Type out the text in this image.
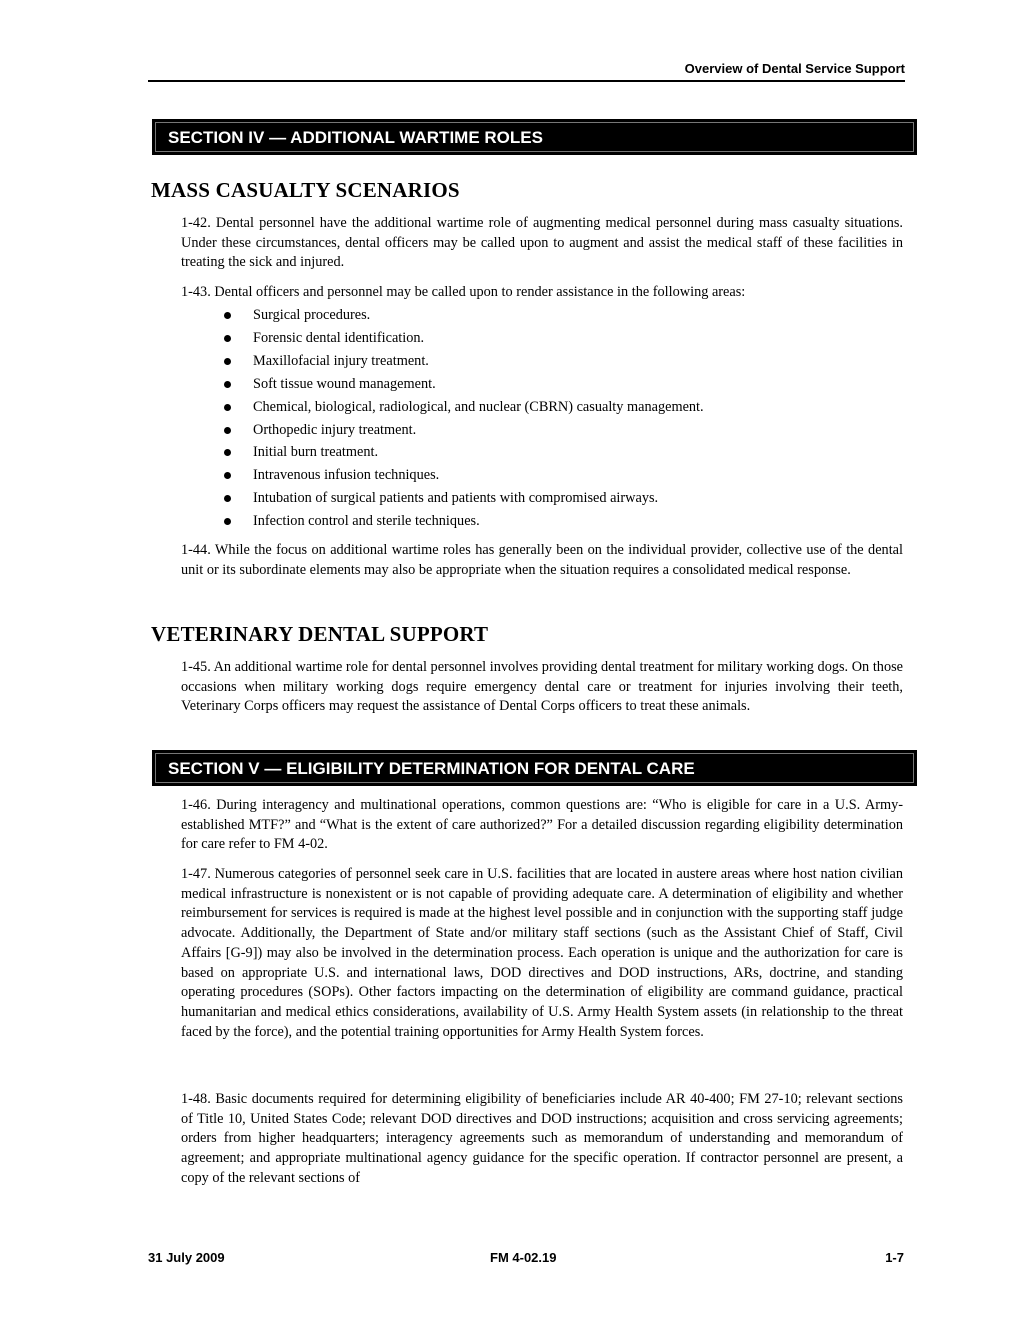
Overview of Dental Service Support
SECTION IV — ADDITIONAL WARTIME ROLES
MASS CASUALTY SCENARIOS
1-42. Dental personnel have the additional wartime role of augmenting medical personnel during mass casualty situations. Under these circumstances, dental officers may be called upon to augment and assist the medical staff of these facilities in treating the sick and injured.
1-43. Dental officers and personnel may be called upon to render assistance in the following areas:
Surgical procedures.
Forensic dental identification.
Maxillofacial injury treatment.
Soft tissue wound management.
Chemical, biological, radiological, and nuclear (CBRN) casualty management.
Orthopedic injury treatment.
Initial burn treatment.
Intravenous infusion techniques.
Intubation of surgical patients and patients with compromised airways.
Infection control and sterile techniques.
1-44. While the focus on additional wartime roles has generally been on the individual provider, collective use of the dental unit or its subordinate elements may also be appropriate when the situation requires a consolidated medical response.
VETERINARY DENTAL SUPPORT
1-45. An additional wartime role for dental personnel involves providing dental treatment for military working dogs. On those occasions when military working dogs require emergency dental care or treatment for injuries involving their teeth, Veterinary Corps officers may request the assistance of Dental Corps officers to treat these animals.
SECTION V — ELIGIBILITY DETERMINATION FOR DENTAL CARE
1-46. During interagency and multinational operations, common questions are: “Who is eligible for care in a U.S. Army-established MTF?” and “What is the extent of care authorized?” For a detailed discussion regarding eligibility determination for care refer to FM 4-02.
1-47. Numerous categories of personnel seek care in U.S. facilities that are located in austere areas where host nation civilian medical infrastructure is nonexistent or is not capable of providing adequate care. A determination of eligibility and whether reimbursement for services is required is made at the highest level possible and in conjunction with the supporting staff judge advocate. Additionally, the Department of State and/or military staff sections (such as the Assistant Chief of Staff, Civil Affairs [G-9]) may also be involved in the determination process. Each operation is unique and the authorization for care is based on appropriate U.S. and international laws, DOD directives and DOD instructions, ARs, doctrine, and standing operating procedures (SOPs). Other factors impacting on the determination of eligibility are command guidance, practical humanitarian and medical ethics considerations, availability of U.S. Army Health System assets (in relationship to the threat faced by the force), and the potential training opportunities for Army Health System forces.
1-48. Basic documents required for determining eligibility of beneficiaries include AR 40-400; FM 27-10; relevant sections of Title 10, United States Code; relevant DOD directives and DOD instructions; acquisition and cross servicing agreements; orders from higher headquarters; interagency agreements such as memorandum of understanding and memorandum of agreement; and appropriate multinational agency guidance for the specific operation. If contractor personnel are present, a copy of the relevant sections of
31 July 2009	FM 4-02.19	1-7
